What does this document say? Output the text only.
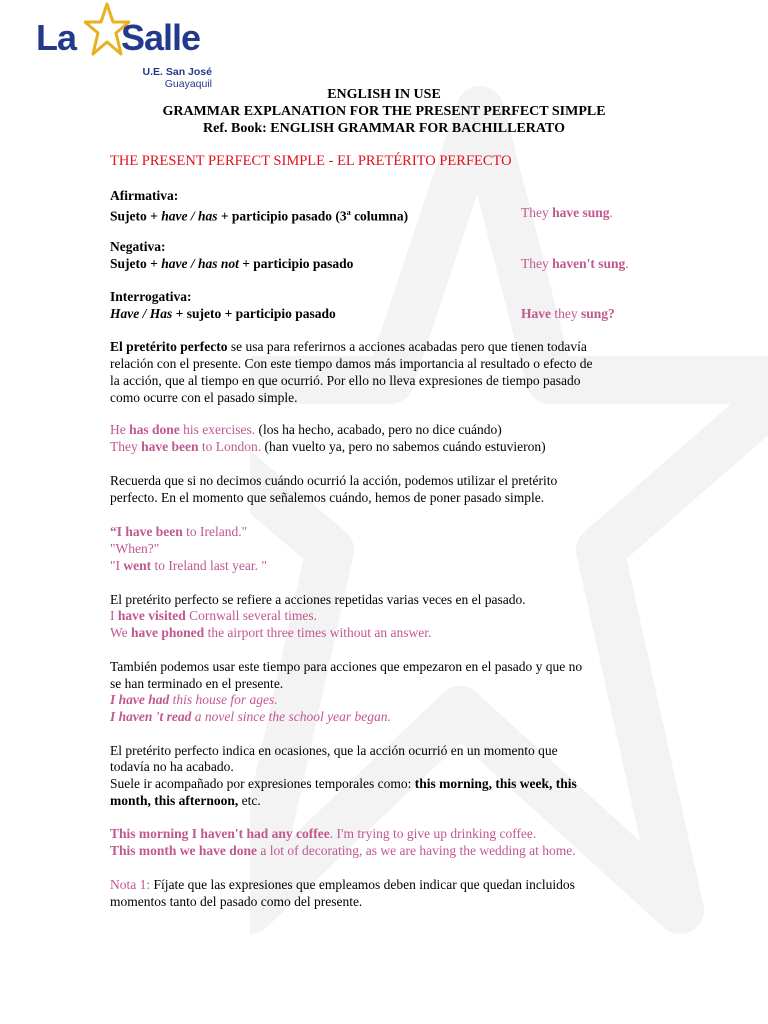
La Salle
U.E. San José
Guayaquil
ENGLISH IN USE
GRAMMAR EXPLANATION FOR THE PRESENT PERFECT SIMPLE
Ref. Book: ENGLISH GRAMMAR FOR BACHILLERATO
THE PRESENT PERFECT SIMPLE - EL PRETÉRITO PERFECTO
Afirmativa:
Sujeto + have / has + participio pasado (3$^a$ columna)	They have sung.
Negativa:
Sujeto + have / has not + participio pasado	They haven't sung.
Interrogativa:
Have / Has + sujeto + participio pasado	Have they sung?
El pretérito perfecto se usa para referirnos a acciones acabadas pero que tienen todavía
relación con el presente. Con este tiempo damos más importancia al resultado o efecto de
la acción, que al tiempo en que ocurrió. Por ello no lleva expresiones de tiempo pasado
como ocurre con el pasado simple.
He has done his exercises. (los ha hecho, acabado, pero no dice cuándo)
They have been to London. (han vuelto ya, pero no sabemos cuándo estuvieron)
Recuerda que si no decimos cuándo ocurrió la acción, podemos utilizar el pretérito
perfecto. En el momento que señalemos cuándo, hemos de poner pasado simple.
“I have been to Ireland."
"When?"
"I went to Ireland last year. "
El pretérito perfecto se refiere a acciones repetidas varias veces en el pasado.
I have visited Cornwall several times.
We have phoned the airport three times without an answer.
También podemos usar este tiempo para acciones que empezaron en el pasado y que no
se han terminado en el presente.
I have had this house for ages.
I haven 't read a novel since the school year began.
El pretérito perfecto indica en ocasiones, que la acción ocurrió en un momento que
todavía no ha acabado.
Suele ir acompañado por expresiones temporales como: this morning, this week, this
month, this afternoon, etc.
This morning I haven't had any coffee. I'm trying to give up drinking coffee.
This month we have done a lot of decorating, as we are having the wedding at home.
Nota 1: Fíjate que las expresiones que empleamos deben indicar que quedan incluidos
momentos tanto del pasado como del presente.
